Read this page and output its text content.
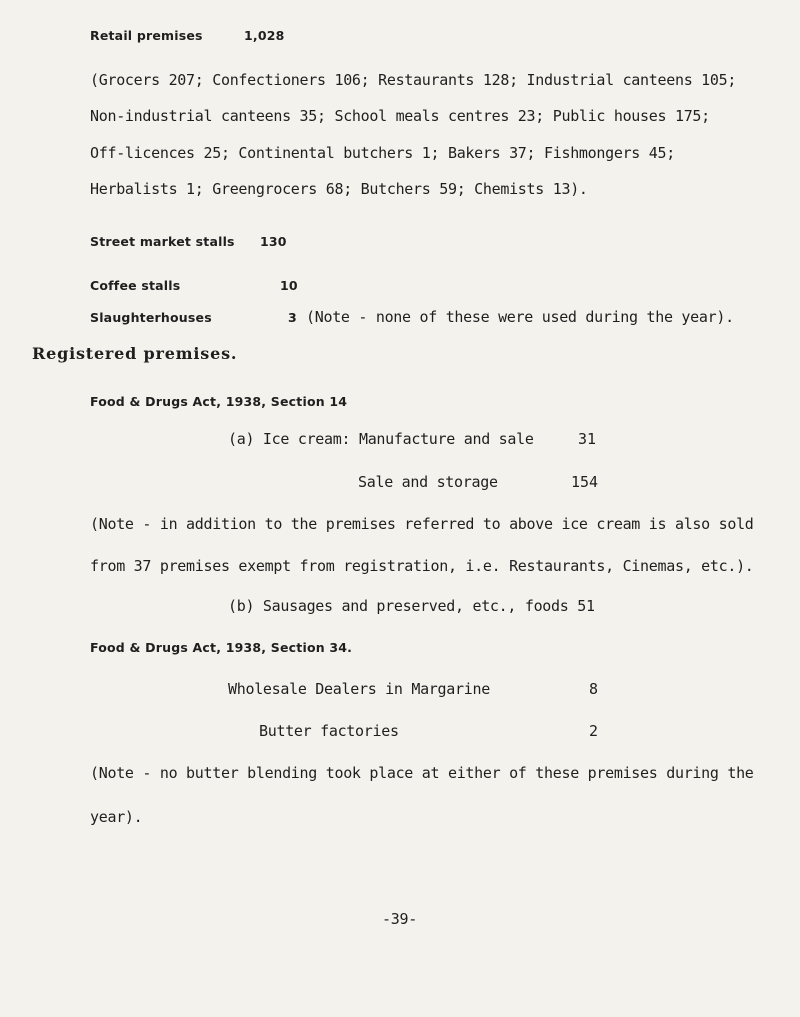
Retail premises	1,028
(Grocers 207; Confectioners 106; Restaurants 128; Industrial canteens 105;
Non-industrial canteens 35; School meals centres 23; Public houses 175;
Off-licences 25; Continental butchers 1; Bakers 37; Fishmongers 45;
Herbalists 1; Greengrocers 68; Butchers 59; Chemists 13).
Street market stalls 130
Coffee stalls	10
Slaughterhouses	3 (Note - none of these were used during the year).
Registered premises.
Food & Drugs Act, 1938, Section 14
(a) Ice cream: Manufacture and sale	31
Sale and storage	154
(Note - in addition to the premises referred to above ice cream is also sold
from 37 premises exempt from registration, i.e. Restaurants, Cinemas, etc.).
(b) Sausages and preserved, etc., foods 51
Food & Drugs Act, 1938, Section 34.
Wholesale Dealers in Margarine	8
Butter factories	2
(Note - no butter blending took place at either of these premises during the
year).
-39-
